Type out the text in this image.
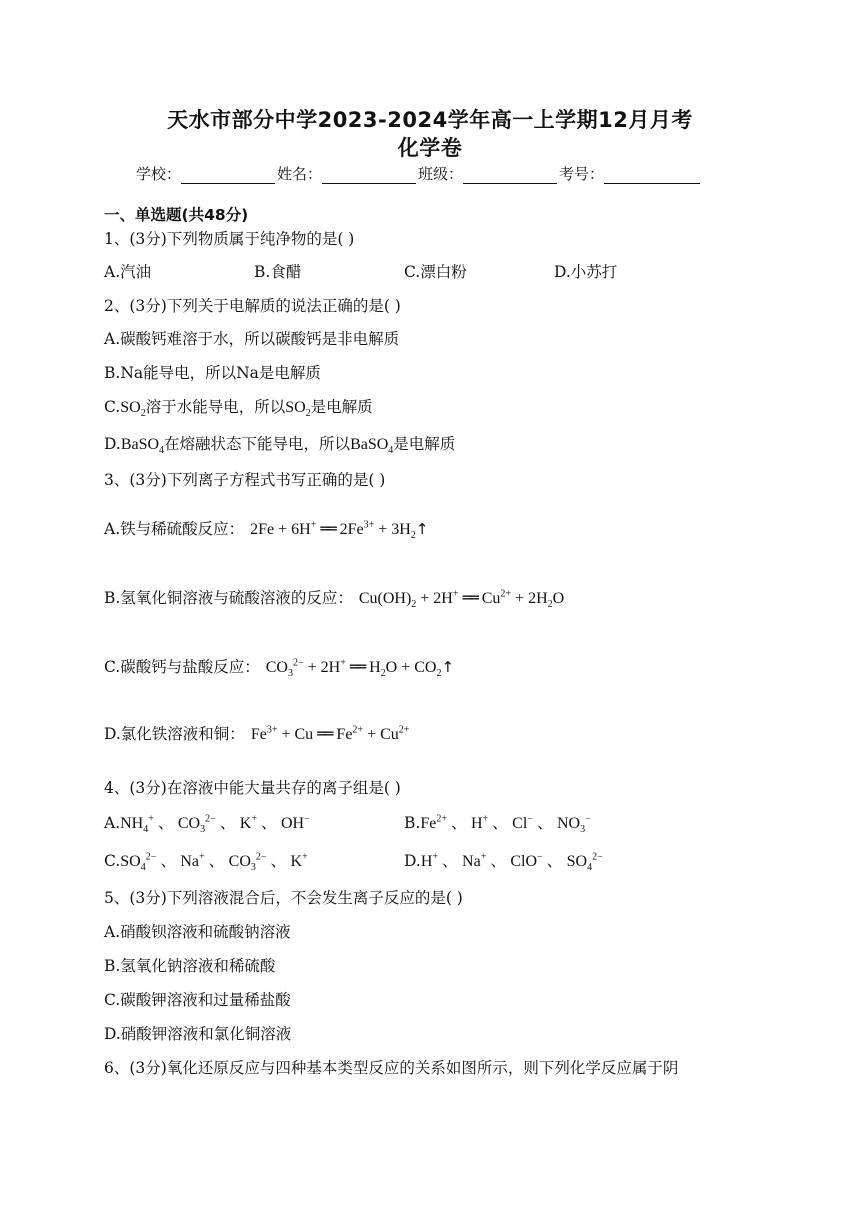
天水市部分中学2023-2024学年高一上学期12月月考
化学卷
学校：	姓名：	班级：	考号：
一、单选题(共48分)
1、(3分)下列物质属于纯净物的是( )
A.汽油	B.食醋	C.漂白粉	D.小苏打
2、(3分)下列关于电解质的说法正确的是( )
A.碳酸钙难溶于水，所以碳酸钙是非电解质
B.Na能导电，所以Na是电解质
$C.SO_2$溶于水能导电，所以$SO_2$是电解质
D.BaSO$_4$在熔融状态下能导电，所以BaSO$_4$是电解质
3、(3分)下列离子方程式书写正确的是( )
A.铁与稀硫酸反应： 2Fe + 6H+ ══ $2Fe^{3+}$ + $3H_2↑$
B.氢氧化铜溶液与硫酸溶液的反应： $Cu(OH)_2 + 2H^+$ ══ $Cu^{2+} + 2H_2O$
C.碳酸钙与盐酸反应： $CO_3^{2-} + 2H^+$ ══ $H_2O$ + $CO_2↑$
D.氯化铁溶液和铜： $Fe^{3+} + Cu$ ══ $Fe^{2+} + Cu^{2+}$
4、(3分)在溶液中能大量共存的离子组是( )
$A.NH_4^+$ 、 $CO_3^{2-}$ 、 K+ 、 OH−	$B.Fe^{2+}$ 、 H+ 、 Cl− 、 $NO_3^-$
$C.SO_4^{2-}$ 、 Na+ 、 $CO_3^{2-}$ 、 K+	D.H+ 、 Na+ 、 ClO− 、 $SO_4^{2-}$
5、(3分)下列溶液混合后，不会发生离子反应的是( )
A.硝酸钡溶液和硫酸钠溶液
B.氢氧化钠溶液和稀硫酸
C.碳酸钾溶液和过量稀盐酸
D.硝酸钾溶液和氯化铜溶液
6、(3分)氧化还原反应与四种基本类型反应的关系如图所示，则下列化学反应属于阴
